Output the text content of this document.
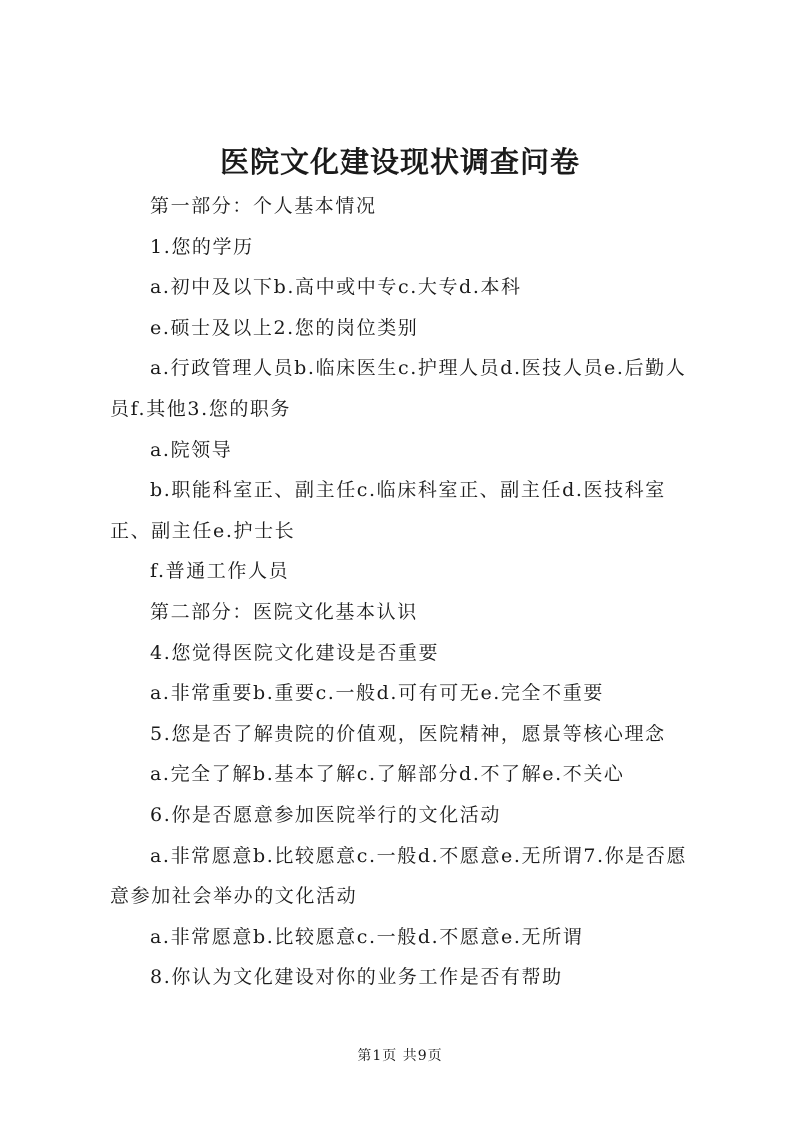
医院文化建设现状调查问卷

第一部分：个人基本情况

1.您的学历

a.初中及以下b.高中或中专c.大专d.本科

e.硕士及以上2.您的岗位类别

a.行政管理人员b.临床医生c.护理人员d.医技人员e.后勤人员f.其他3.您的职务

a.院领导

b.职能科室正、副主任c.临床科室正、副主任d.医技科室正、副主任e.护士长

f.普通工作人员

第二部分：医院文化基本认识

4.您觉得医院文化建设是否重要

a.非常重要b.重要c.一般d.可有可无e.完全不重要

5.您是否了解贵院的价值观，医院精神，愿景等核心理念

a.完全了解b.基本了解c.了解部分d.不了解e.不关心

6.你是否愿意参加医院举行的文化活动

a.非常愿意b.比较愿意c.一般d.不愿意e.无所谓7.你是否愿意参加社会举办的文化活动

a.非常愿意b.比较愿意c.一般d.不愿意e.无所谓

8.你认为文化建设对你的业务工作是否有帮助

第1页 共9页
